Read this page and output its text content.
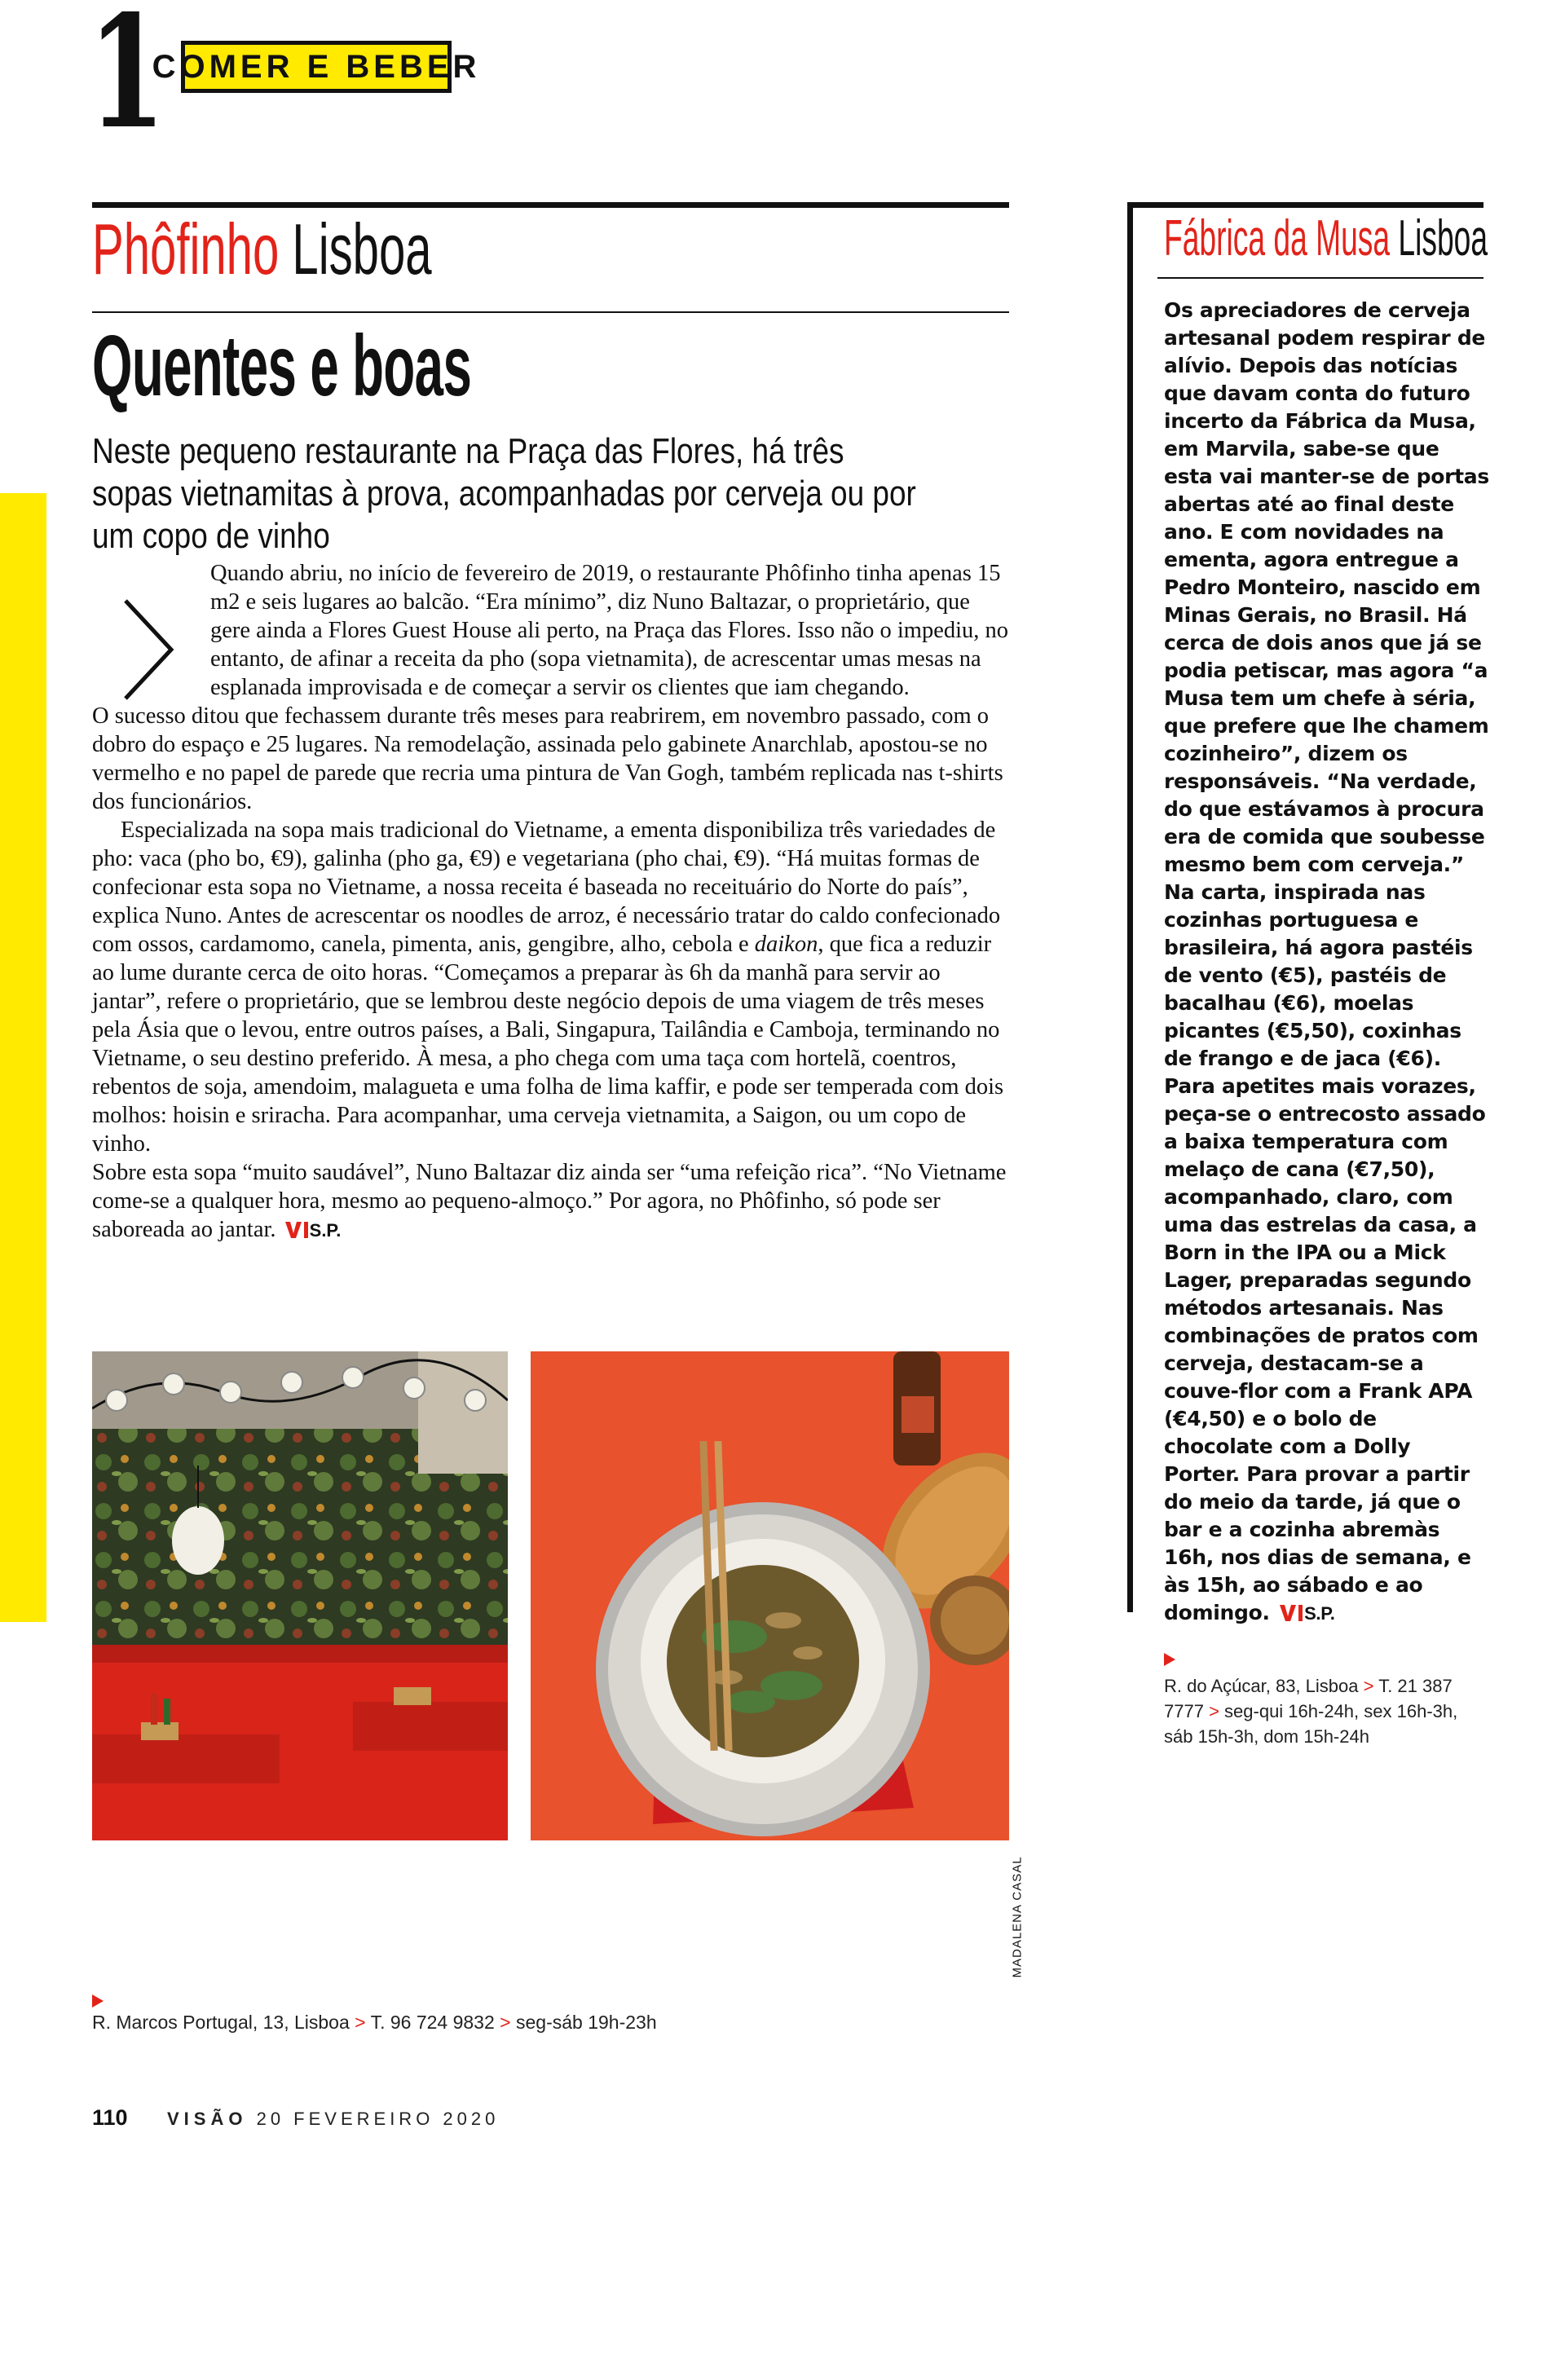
1
COMER E BEBER
Phôfinho Lisboa
Quentes e boas
Neste pequeno restaurante na Praça das Flores, há três sopas vietnamitas à prova, acompanhadas por cerveja ou por um copo de vinho

Quando abriu, no início de fevereiro de 2019, o restaurante Phôfinho tinha apenas 15 m2 e seis lugares ao balcão. “Era mínimo”, diz Nuno Baltazar, o proprietário, que gere ainda a Flores Guest House ali perto, na Praça das Flores. Isso não o impediu, no entanto, de afinar a receita da pho (sopa vietnamita), de acrescentar umas mesas na esplanada improvisada e de começar a servir os clientes que iam chegando.
O sucesso ditou que fechassem durante três meses para reabrirem, em novembro passado, com o dobro do espaço e 25 lugares. Na remodelação, assinada pelo gabinete Anarchlab, apostou-se no vermelho e no papel de parede que recria uma pintura de Van Gogh, também replicada nas t-shirts dos funcionários.

Especializada na sopa mais tradicional do Vietname, a ementa disponibiliza três variedades de pho: vaca (pho bo, €9), galinha (pho ga, €9) e vegetariana (pho chai, €9). “Há muitas formas de confecionar esta sopa no Vietname, a nossa receita é baseada no receituário do Norte do país”, explica Nuno. Antes de acrescentar os noodles de arroz, é necessário tratar do caldo confecionado com ossos, cardamomo, canela, pimenta, anis, gengibre, alho, cebola e daikon, que fica a reduzir ao lume durante cerca de oito horas. “Começamos a preparar às 6h da manhã para servir ao jantar”, refere o proprietário, que se lembrou deste negócio depois de uma viagem de três meses pela Ásia que o levou, entre outros países, a Bali, Singapura, Tailândia e Camboja, terminando no Vietname, o seu destino preferido. À mesa, a pho chega com uma taça com hortelã, coentros, rebentos de soja, amendoim, malagueta e uma folha de lima kaffir, e pode ser temperada com dois molhos: hoisin e sriracha. Para acompanhar, uma cerveja vietnamita, a Saigon, ou um copo de vinho.

Sobre esta sopa “muito saudável”, Nuno Baltazar diz ainda ser “uma refeição rica”. “No Vietname come-se a qualquer hora, mesmo ao pequeno-almoço.” Por agora, no Phôfinho, só pode ser saboreada ao jantar. S.P.

MADALENA CASAL
R. Marcos Portugal, 13, Lisboa > T. 96 724 9832 > seg-sáb 19h-23h
Fábrica da Musa Lisboa
Os apreciadores de cerveja artesanal podem respirar de alívio. Depois das notícias que davam conta do futuro incerto da Fábrica da Musa, em Marvila, sabe-se que esta vai manter-se de portas abertas até ao final deste ano. E com novidades na ementa, agora entregue a Pedro Monteiro, nascido em Minas Gerais, no Brasil. Há cerca de dois anos que já se podia petiscar, mas agora “a Musa tem um chefe à séria, que prefere que lhe chamem cozinheiro”, dizem os responsáveis. “Na verdade, do que estávamos à procura era de comida que soubesse mesmo bem com cerveja.” Na carta, inspirada nas cozinhas portuguesa e brasileira, há agora pastéis de vento (€5), pastéis de bacalhau (€6), moelas picantes (€5,50), coxinhas de frango e de jaca (€6). Para apetites mais vorazes, peça-se o entrecosto assado a baixa temperatura com melaço de cana (€7,50), acompanhado, claro, com uma das estrelas da casa, a Born in the IPA ou a Mick Lager, preparadas segundo métodos artesanais. Nas combinações de pratos com cerveja, destacam-se a couve-flor com a Frank APA (€4,50) e o bolo de chocolate com a Dolly Porter. Para provar a partir do meio da tarde, já que o bar e a cozinha abremàs 16h, nos dias de semana, e às 15h, ao sábado e ao domingo. S.P.
R. do Açúcar, 83, Lisboa > T. 21 387 7777 > seg-qui 16h-24h, sex 16h-3h, sáb 15h-3h, dom 15h-24h
110 VISÃO 20 FEVEREIRO 2020
